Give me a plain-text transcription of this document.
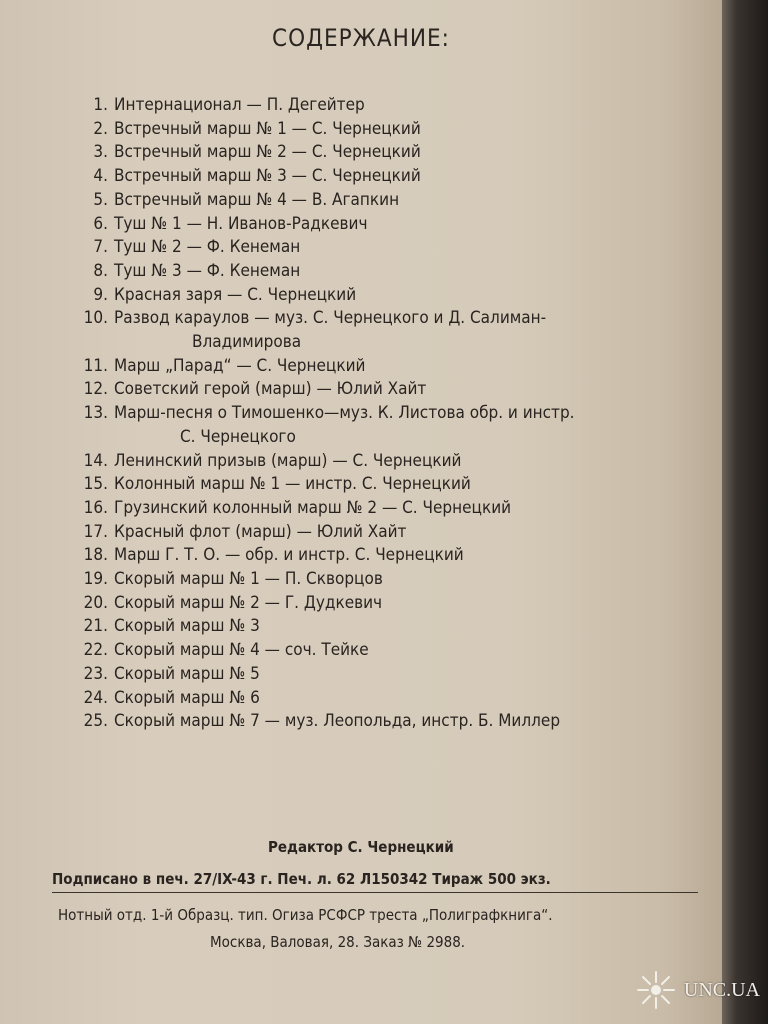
СОДЕРЖАНИЕ:
1. Интернационал — П. Дегейтер
2. Встречный марш № 1 — С. Чернецкий
3. Встречный марш № 2 — С. Чернецкий
4. Встречный марш № 3 — С. Чернецкий
5. Встречный марш № 4 — В. Агапкин
6. Туш № 1 — Н. Иванов-Радкевич
7. Туш № 2 — Ф. Кенеман
8. Туш № 3 — Ф. Кенеман
9. Красная заря — С. Чернецкий
10. Развод караулов — муз. С. Чернецкого и Д. Салиман-
Владимирова
11. Марш „Парад“ — С. Чернецкий
12. Советский герой (марш) — Юлий Хайт
13. Марш-песня о Тимошенко—муз. К. Листова обр. и инстр.
С. Чернецкого
14. Ленинский призыв (марш) — С. Чернецкий
15. Колонный марш № 1 — инстр. С. Чернецкий
16. Грузинский колонный марш № 2 — С. Чернецкий
17. Красный флот (марш) — Юлий Хайт
18. Марш Г. Т. О. — обр. и инстр. С. Чернецкий
19. Скорый марш № 1 — П. Скворцов
20. Скорый марш № 2 — Г. Дудкевич
21. Скорый марш № 3
22. Скорый марш № 4 — соч. Тейке
23. Скорый марш № 5
24. Скорый марш № 6
25. Скорый марш № 7 — муз. Леопольда, инстр. Б. Миллер
Редактор С. Чернецкий
Подписано в печ. 27/IX-43 г. Печ. л. 62 Л150342 Тираж 500 экз.
Нотный отд. 1-й Образц. тип. Огиза РСФСР треста „Полиграфкнига“.
Москва, Валовая, 28. Заказ № 2988.
UNC.UA
